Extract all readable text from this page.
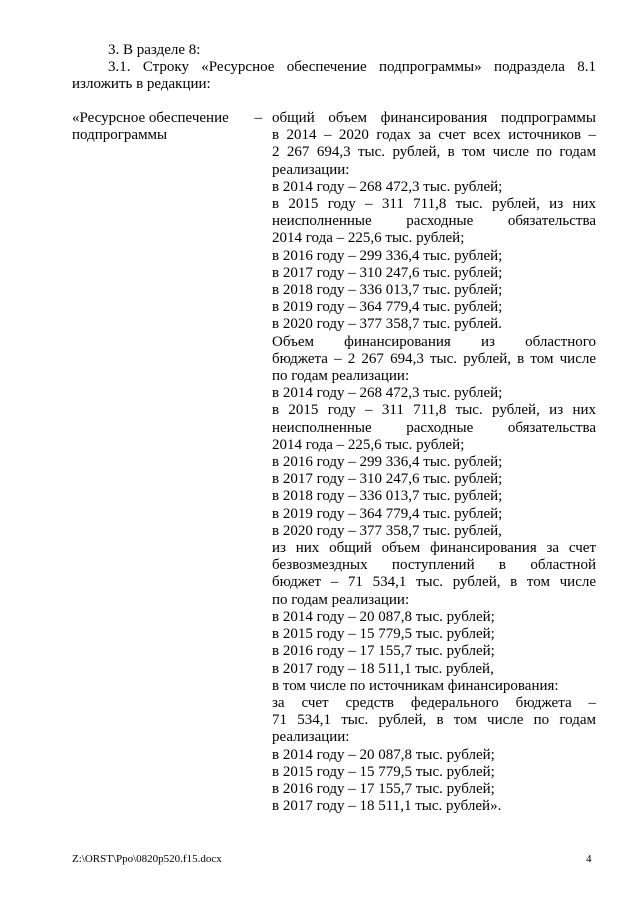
3. В разделе 8:
3.1. Строку «Ресурсное обеспечение подпрограммы» подраздела 8.1
изложить в редакции:
«Ресурсное обеспечение –
подпрограммы
общий объем финансирования подпрограммы
в 2014 – 2020 годах за счет всех источников –
2 267 694,3 тыс. рублей, в том числе по годам
реализации:
в 2014 году – 268 472,3 тыс. рублей;
в 2015 году – 311 711,8 тыс. рублей, из них
неисполненные расходные обязательства
2014 года – 225,6 тыс. рублей;
в 2016 году – 299 336,4 тыс. рублей;
в 2017 году – 310 247,6 тыс. рублей;
в 2018 году – 336 013,7 тыс. рублей;
в 2019 году – 364 779,4 тыс. рублей;
в 2020 году – 377 358,7 тыс. рублей.
Объем финансирования из областного
бюджета – 2 267 694,3 тыс. рублей, в том числе
по годам реализации:
в 2014 году – 268 472,3 тыс. рублей;
в 2015 году – 311 711,8 тыс. рублей, из них
неисполненные расходные обязательства
2014 года – 225,6 тыс. рублей;
в 2016 году – 299 336,4 тыс. рублей;
в 2017 году – 310 247,6 тыс. рублей;
в 2018 году – 336 013,7 тыс. рублей;
в 2019 году – 364 779,4 тыс. рублей;
в 2020 году – 377 358,7 тыс. рублей,
из них общий объем финансирования за счет
безвозмездных поступлений в областной
бюджет – 71 534,1 тыс. рублей, в том числе
по годам реализации:
в 2014 году – 20 087,8 тыс. рублей;
в 2015 году – 15 779,5 тыс. рублей;
в 2016 году – 17 155,7 тыс. рублей;
в 2017 году – 18 511,1 тыс. рублей,
в том числе по источникам финансирования:
за счет средств федерального бюджета –
71 534,1 тыс. рублей, в том числе по годам
реализации:
в 2014 году – 20 087,8 тыс. рублей;
в 2015 году – 15 779,5 тыс. рублей;
в 2016 году – 17 155,7 тыс. рублей;
в 2017 году – 18 511,1 тыс. рублей».
Z:\ORST\Ppo\0820p520.f15.docx	4
